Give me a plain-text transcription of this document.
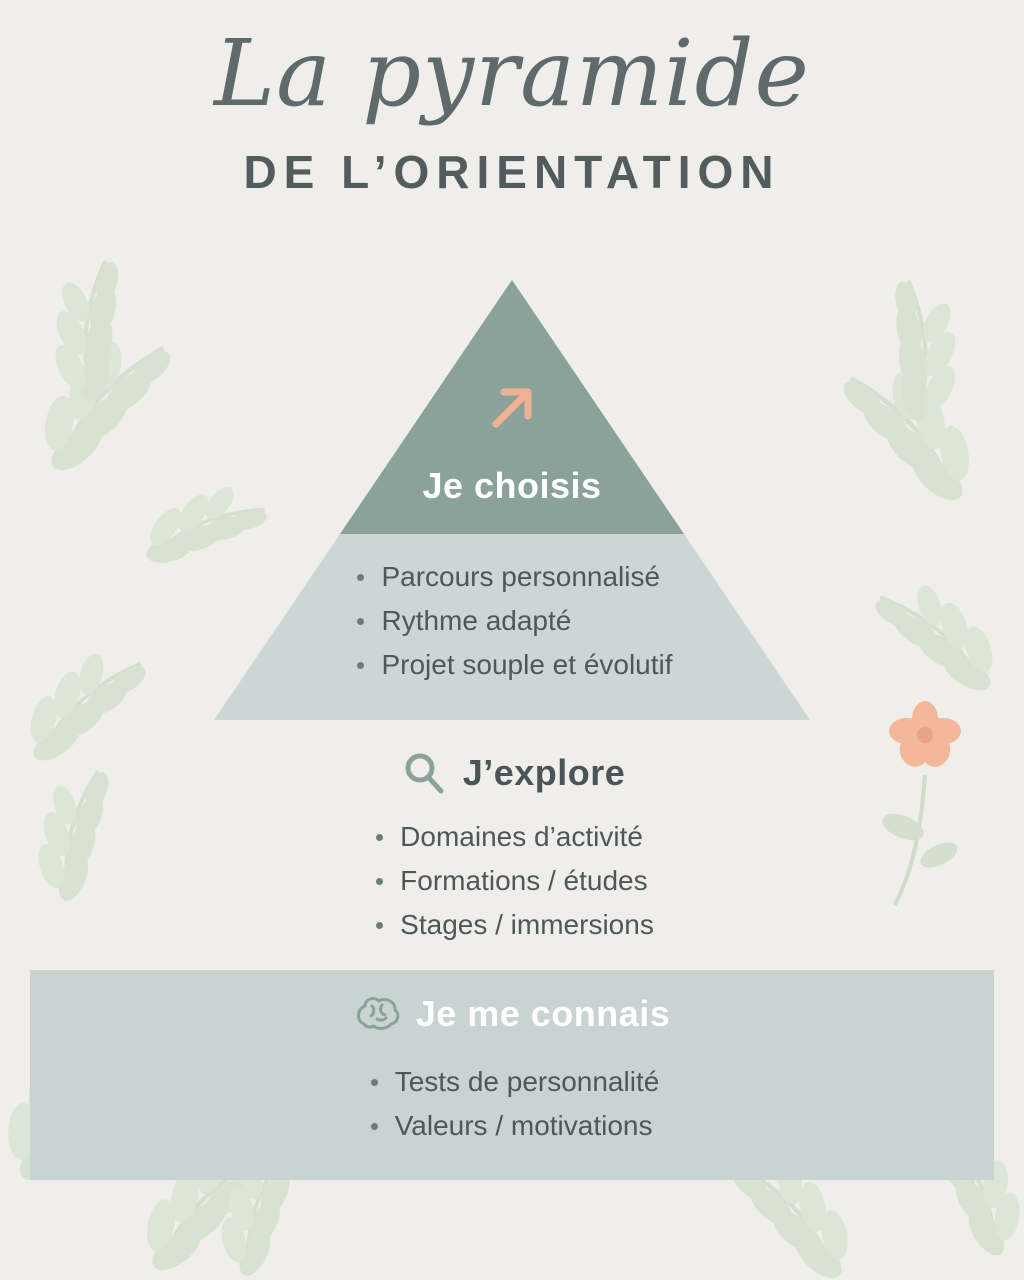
La pyramide
DE L’ORIENTATION
Je choisis
Parcours personnalisé
Rythme adapté
Projet souple et évolutif
J’explore
Domaines d’activité
Formations / études
Stages / immersions
Je me connais
Tests de personnalité
Valeurs / motivations
